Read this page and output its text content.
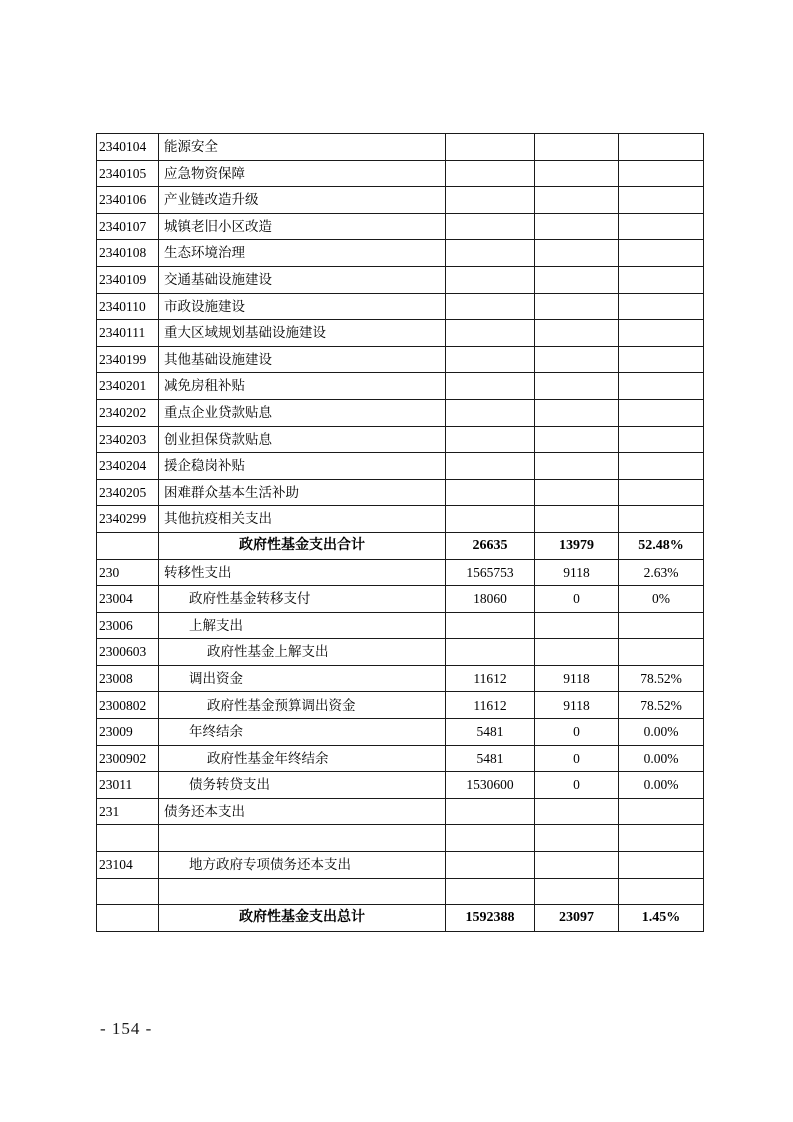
2340104	能源安全			
2340105	应急物资保障			
2340106	产业链改造升级			
2340107	城镇老旧小区改造			
2340108	生态环境治理			
2340109	交通基础设施建设			
2340110	市政设施建设			
2340111	重大区域规划基础设施建设			
2340199	其他基础设施建设			
2340201	减免房租补贴			
2340202	重点企业贷款贴息			
2340203	创业担保贷款贴息			
2340204	援企稳岗补贴			
2340205	困难群众基本生活补助			
2340299	其他抗疫相关支出			
	政府性基金支出合计	26635	13979	52.48%
230	转移性支出	1565753	9118	2.63%
23004	政府性基金转移支付	18060	0	0%
23006	上解支出			
2300603	政府性基金上解支出			
23008	调出资金	11612	9118	78.52%
2300802	政府性基金预算调出资金	11612	9118	78.52%
23009	年终结余	5481	0	0.00%
2300902	政府性基金年终结余	5481	0	0.00%
23011	债务转贷支出	1530600	0	0.00%
231	债务还本支出			

23104	地方政府专项债务还本支出			

	政府性基金支出总计	1592388	23097	1.45%
- 154 -
